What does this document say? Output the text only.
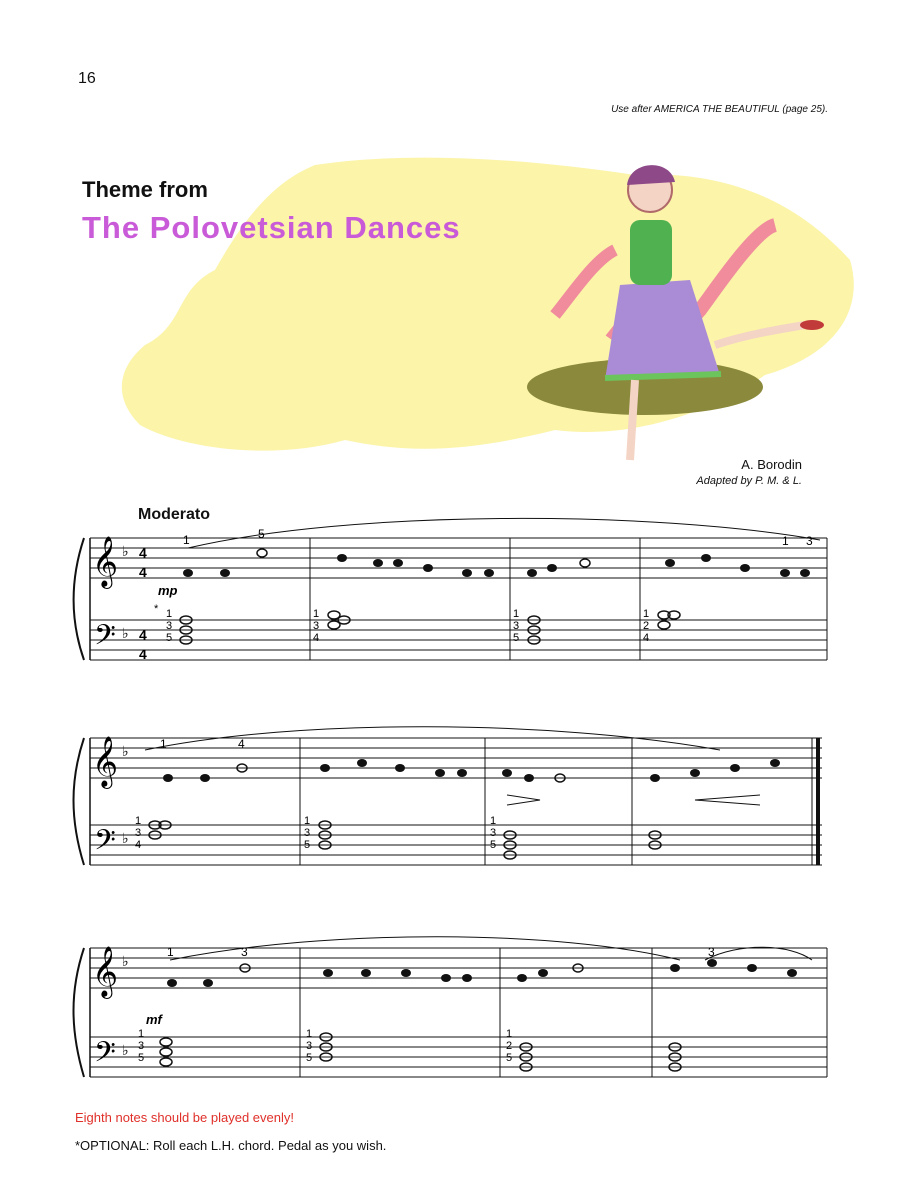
16
Use after AMERICA THE BEAUTIFUL (page 25).
Theme from
The Polovetsian Dances
A. Borodin
Adapted by P. M. & L.
Moderato
𝄞
𝄢
♭
♭
4
4
4
4
mp
1	5	1 3
* 1
3
5
1
3
4
1
3
5
1
2
4
𝄞
𝄢
♭
♭
1	4
1
3
4
1
3
5
1
3
5
𝄞
𝄢
♭
♭
mf
1	3	3
1
3
5
1
3
5
1
2
5
Eighth notes should be played evenly!
*OPTIONAL: Roll each L.H. chord. Pedal as you wish.
